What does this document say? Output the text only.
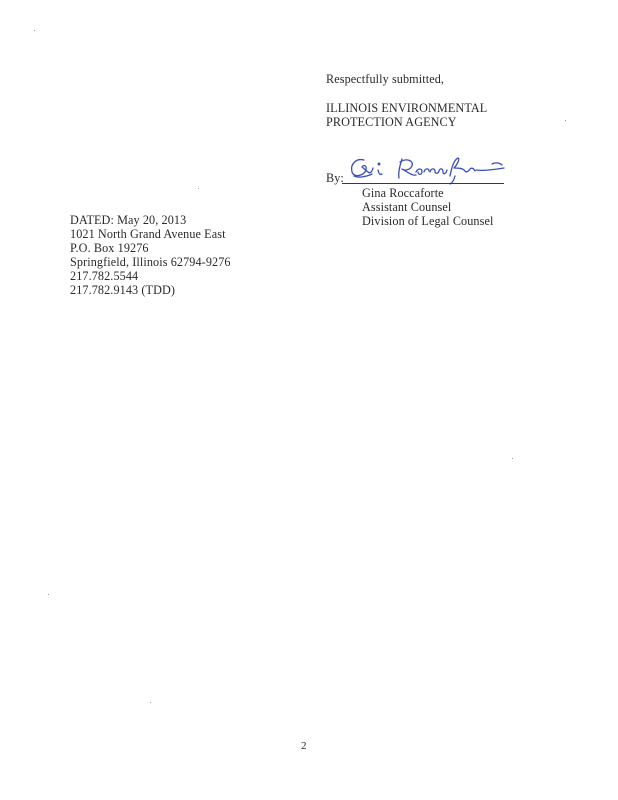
Respectfully submitted,
ILLINOIS ENVIRONMENTAL
PROTECTION AGENCY
By:
Gina Roccaforte
Assistant Counsel
Division of Legal Counsel
DATED: May 20, 2013
1021 North Grand Avenue East
P.O. Box 19276
Springfield, Illinois 62794-9276
217.782.5544
217.782.9143 (TDD)
2
